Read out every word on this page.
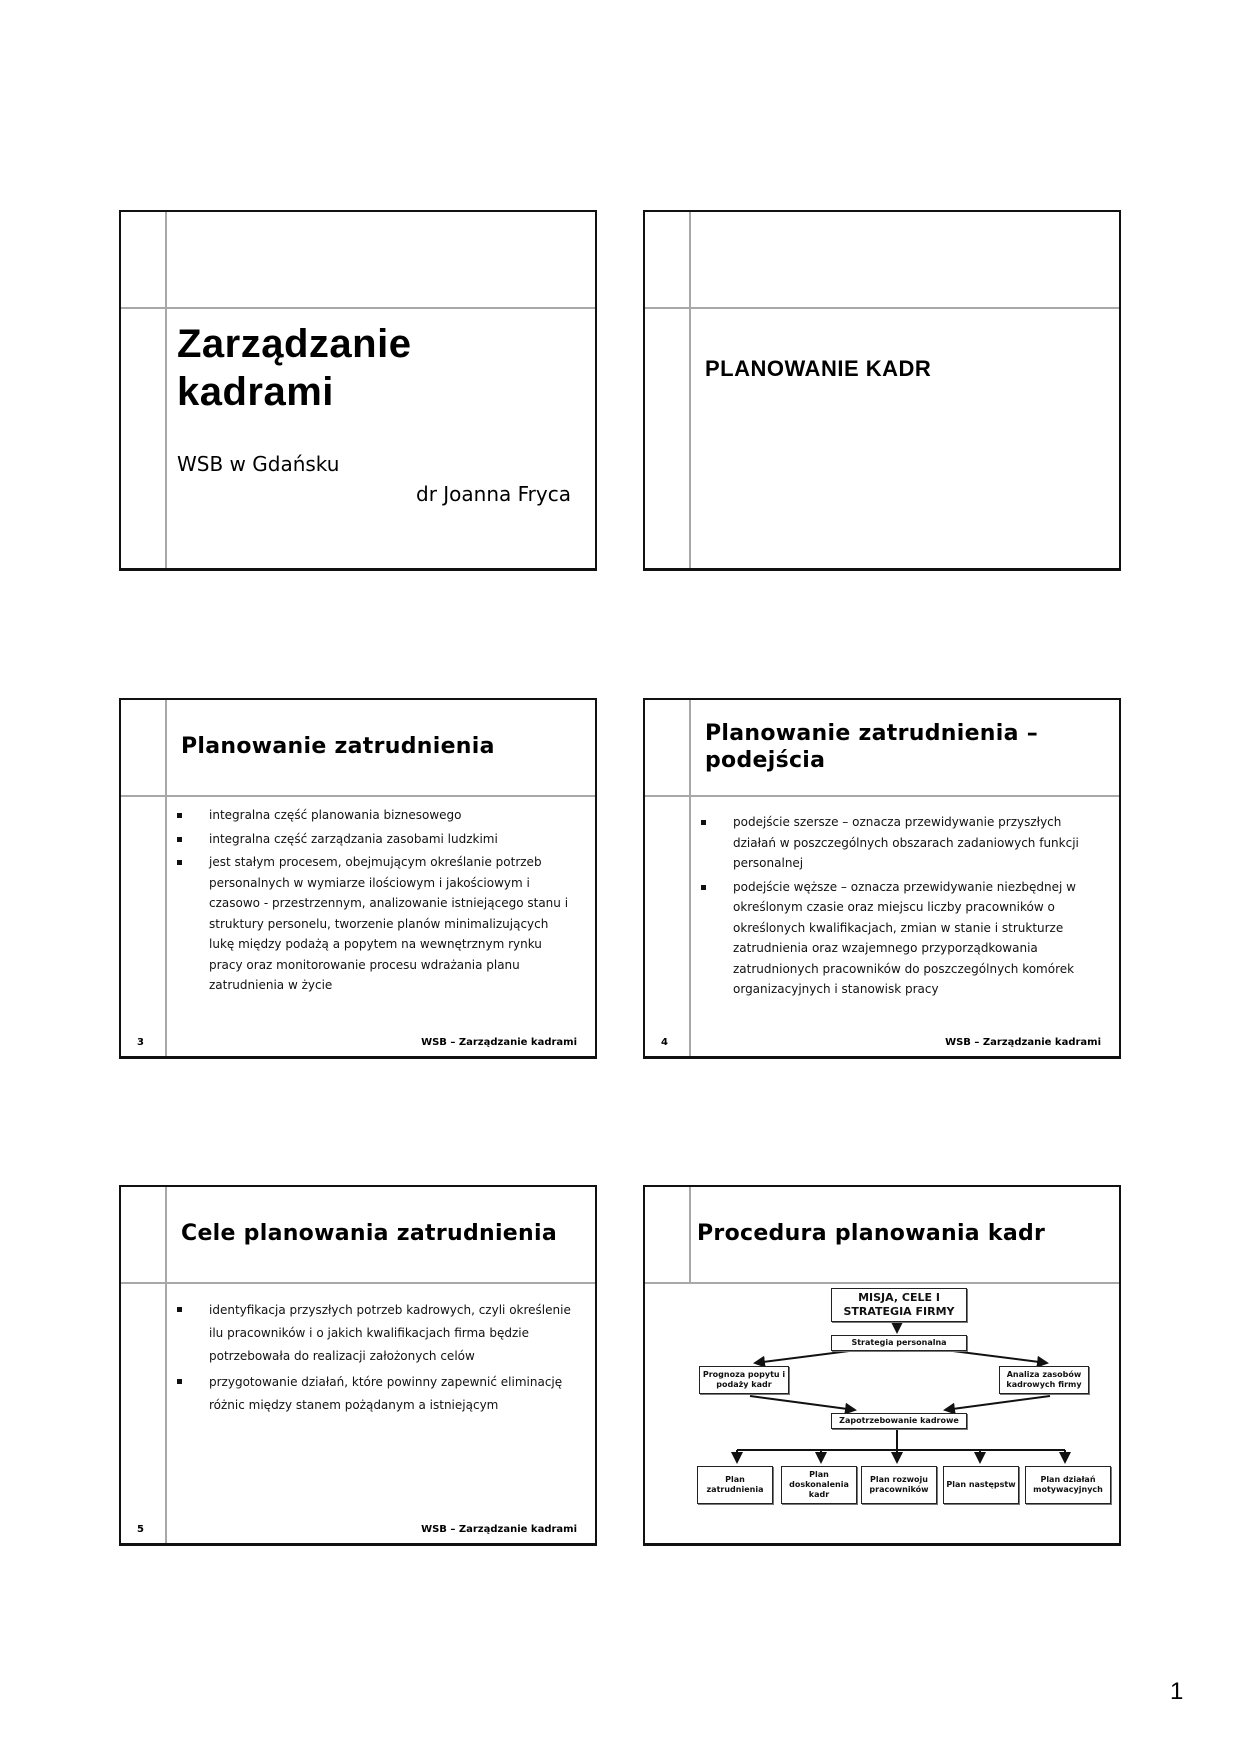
Zarządzanie
kadrami
WSB w Gdańsku
dr Joanna Fryca
PLANOWANIE KADR
Planowanie zatrudnienia
integralna część planowania biznesowego
integralna część zarządzania zasobami ludzkimi
jest stałym procesem, obejmującym określanie potrzeb personalnych w wymiarze ilościowym i jakościowym i czasowo - przestrzennym, analizowanie istniejącego stanu i struktury personelu, tworzenie planów minimalizujących lukę między podażą a popytem na wewnętrznym rynku pracy oraz monitorowanie procesu wdrażania planu zatrudnienia w życie
3	WSB – Zarządzanie kadrami
Planowanie zatrudnienia – podejścia
podejście szersze – oznacza przewidywanie przyszłych działań w poszczególnych obszarach zadaniowych funkcji personalnej
podejście węższe – oznacza przewidywanie niezbędnej w określonym czasie oraz miejscu liczby pracowników o określonych kwalifikacjach, zmian w stanie i strukturze zatrudnienia oraz wzajemnego przyporządkowania zatrudnionych pracowników do poszczególnych komórek organizacyjnych i stanowisk pracy
4	WSB – Zarządzanie kadrami
Cele planowania zatrudnienia
identyfikacja przyszłych potrzeb kadrowych, czyli określenie ilu pracowników i o jakich kwalifikacjach firma będzie potrzebowała do realizacji założonych celów
przygotowanie działań, które powinny zapewnić eliminację różnic między stanem pożądanym a istniejącym
5	WSB – Zarządzanie kadrami
Procedura planowania kadr
MISJA, CELE I STRATEGIA FIRMY
Strategia personalna
Prognoza popytu i podaży kadr
Analiza zasobów kadrowych firmy
Zapotrzebowanie kadrowe
Plan zatrudnienia
Plan doskonalenia kadr
Plan rozwoju pracowników
Plan następstw
Plan działań motywacyjnych
1
